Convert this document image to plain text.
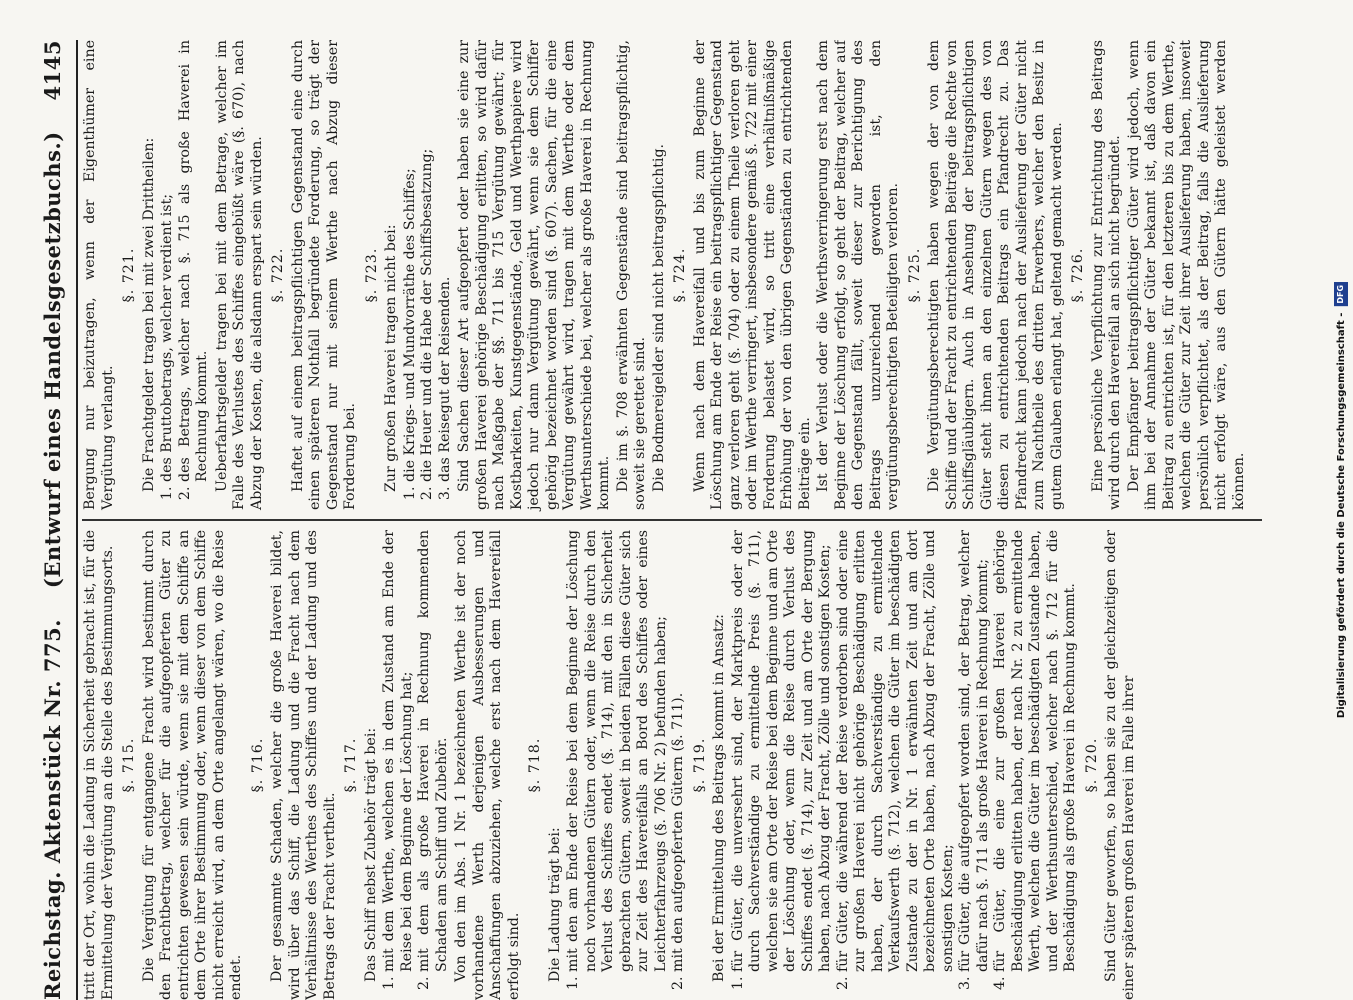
Reichstag. Aktenstück Nr. 775.
(Entwurf eines Handelsgesetzbuchs.)
4145

tritt der Ort, wohin die Ladung in Sicherheit gebracht ist, für die Ermittelung der Vergütung an die Stelle des Bestimmungsorts. §. 715. Die Vergütung für entgangene Fracht wird bestimmt durch den Frachtbetrag, welcher für die aufgeopferten Güter zu entrichten gewesen sein würde, wenn sie mit dem Schiffe an dem Orte ihrer Bestimmung oder, wenn dieser von dem Schiffe nicht erreicht wird, an dem Orte angelangt wären, wo die Reise endet.

§. 716. Der gesammte Schaden, welcher die große Haverei bildet, wird über das Schiff, die Ladung und die Fracht nach dem Verhältnisse des Werthes des Schiffes und der Ladung und des Betrags der Fracht vertheilt.

§. 717. Das Schiff nebst Zubehör trägt bei: 1. mit dem Werthe, welchen es in dem Zustand am Ende der Reise bei dem Beginne der Löschung hat; 2. mit dem als große Haverei in Rechnung kommenden Schaden am Schiff und Zubehör. Von den im Abs. 1 Nr. 1 bezeichneten Werthe ist der noch vorhandene Werth derjenigen Ausbesserungen und Anschaffungen abzuziehen, welche erst nach dem Havereifall erfolgt sind.

§. 718.

Die Ladung trägt bei: 1. mit den am Ende der Reise bei dem Beginne der Löschung noch vorhandenen Gütern oder, wenn die Reise durch den Verlust des Schiffes endet (§. 714), mit den in Sicherheit gebrachten Gütern, soweit in beiden Fällen diese Güter sich zur Zeit des Havereifalls an Bord des Schiffes oder eines Leichterfahrzeugs (§. 706 Nr. 2) befunden haben; 2. mit den aufgeopferten Gütern (§. 711). §. 719. Bei der Ermittelung des Beitrags kommt in Ansatz: 1. für Güter, die unversehrt sind, der Marktpreis oder der durch Sachverständige zu ermittelnde Preis (§. 711), welchen sie am Orte der Reise bei dem Beginne und am Orte der Löschung oder, wenn die Reise durch Verlust des Schiffes endet (§. 714), zur Zeit und am Orte der Bergung haben, nach Abzug der Fracht, Zölle und sonstigen Kosten; 2. für Güter, die während der Reise verdorben sind oder eine zur großen Haverei nicht gehörige Beschädigung erlitten haben, der durch Sachverständige zu ermittelnde Verkaufswerth (§. 712), welchen die Güter im beschädigten Zustande zu der in Nr. 1 erwähnten Zeit und am dort bezeichneten Orte haben, nach Abzug der Fracht, Zölle und sonstigen Kosten; 3. für Güter, die aufgeopfert worden sind, der Betrag, welcher dafür nach §. 711 als große Haverei in Rechnung kommt; 4. für Güter, die eine zur großen Haverei gehörige Beschädigung erlitten haben, der nach Nr. 2 zu ermittelnde Werth, welchen die Güter im beschädigten Zustande haben, und der Werthsunterschied, welcher nach §. 712 für die Beschädigung als große Haverei in Rechnung kommt. §. 720. Sind Güter geworfen, so haben sie zu der gleichzeitigen oder einer späteren großen Haverei im Falle ihrer

Bergung nur beizutragen, wenn der Eigenthümer eine Vergütung verlangt.

§. 721. Die Frachtgelder tragen bei mit zwei Drittheilen: 1. des Bruttobetrags, welcher verdient ist; 2. des Betrags, welcher nach §. 715 als große Haverei in Rechnung kommt. Ueberfahrtsgelder tragen bei mit dem Betrage, welcher im Falle des Verlustes des Schiffes eingebüßt wäre (§. 670), nach Abzug der Kosten, die alsdann erspart sein würden. §. 722. Haftet auf einem beitragspflichtigen Gegenstand eine durch einen späteren Nothfall begründete Forderung, so trägt der Gegenstand nur mit seinem Werthe nach Abzug dieser Forderung bei.

§. 723. Zur großen Haverei tragen nicht bei: 1. die Kriegs- und Mundvorräthe des Schiffes; 2. die Heuer und die Habe der Schiffsbesatzung; 3. das Reisegut der Reisenden. Sind Sachen dieser Art aufgeopfert oder haben sie eine zur großen Haverei gehörige Beschädigung erlitten, so wird dafür nach Maßgabe der §§. 711 bis 715 Vergütung gewährt; für Kostbarkeiten, Kunstgegenstände, Geld und Werthpapiere wird jedoch nur dann Vergütung gewährt, wenn sie dem Schiffer gehörig bezeichnet worden sind (§. 607). Sachen, für die eine Vergütung gewährt wird, tragen mit dem Werthe oder dem Werthsunterschiede bei, welcher als große Haverei in Rechnung kommt. Die im §. 708 erwähnten Gegenstände sind beitragspflichtig, soweit sie gerettet sind. Die Bodmereigelder sind nicht beitragspflichtig. §. 724. Wenn nach dem Havereifall und bis zum Beginne der Löschung am Ende der Reise ein beitragspflichtiger Gegenstand ganz verloren geht (§. 704) oder zu einem Theile verloren geht oder im Werthe verringert, insbesondere gemäß §. 722 mit einer Forderung belastet wird, so tritt eine verhältnißmäßige Erhöhung der von den übrigen Gegenständen zu entrichtenden Beiträge ein. Ist der Verlust oder die Werthsverringerung erst nach dem Beginne der Löschung erfolgt, so geht der Beitrag, welcher auf den Gegenstand fällt, soweit dieser zur Berichtigung des Beitrags unzureichend geworden ist, den vergütungsberechtigten Beteiligten verloren. §. 725. Die Vergütungsberechtigten haben wegen der von dem Schiffe und der Fracht zu entrichtenden Beiträge die Rechte von Schiffsgläubigern. Auch in Ansehung der beitragspflichtigen Güter steht ihnen an den einzelnen Gütern wegen des von diesen zu entrichtenden Beitrags ein Pfandrecht zu. Das Pfandrecht kann jedoch nach der Auslieferung der Güter nicht zum Nachtheile des dritten Erwerbers, welcher den Besitz in gutem Glauben erlangt hat, geltend gemacht werden. §. 726. Eine persönliche Verpflichtung zur Entrichtung des Beitrags wird durch den Havereifall an sich nicht begründet. Der Empfänger beitragspflichtiger Güter wird jedoch, wenn ihm bei der Annahme der Güter bekannt ist, daß davon ein Beitrag zu entrichten ist, für den letzteren bis zu dem Werthe, welchen die Güter zur Zeit ihrer Auslieferung haben, insoweit persönlich verpflichtet, als der Beitrag, falls die Auslieferung nicht erfolgt wäre, aus den Gütern hätte geleistet werden können.	Digitalisierung gefördert durch die Deutsche Forschungsgemeinschaft -
DFG
